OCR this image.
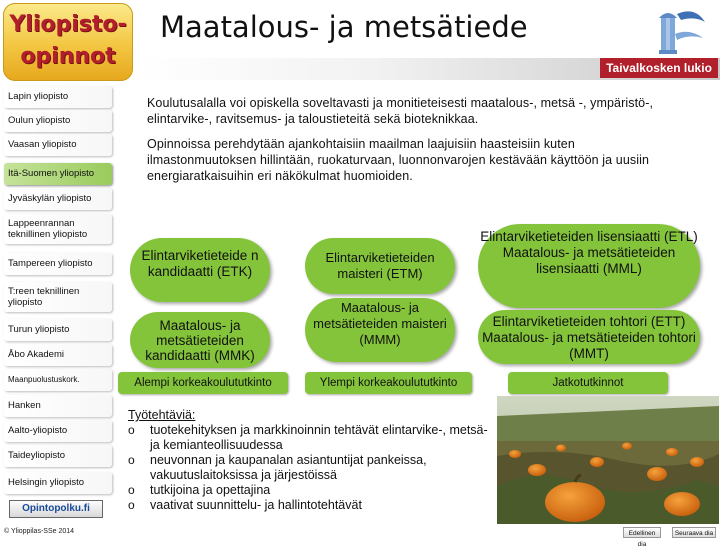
Yliopisto-
opinnot
Maatalous- ja metsätiede
Taivalkosken lukio
Lapin yliopisto
Oulun yliopisto
Vaasan yliopisto
Itä-Suomen yliopisto
Jyväskylän yliopisto
Lappeenrannan teknillinen yliopisto
Tampereen yliopisto
T:reen teknillinen yliopisto
Turun yliopisto
Åbo Akademi
Maanpuolustuskork.
Hanken
Aalto-yliopisto
Taideyliopisto
Helsingin yliopisto
Opintopolku.fi
© Ylioppilas-SSe 2014
Koulutusalalla voi opiskella soveltavasti ja monitieteisesti maatalous-, metsä -, ympäristö-, elintarvike-, ravitsemus- ja taloustieteitä sekä bioteknikkaa.
Opinnoissa perehdytään ajankohtaisiin maailman laajuisiin haasteisiin kuten ilmastonmuutoksen hillintään, ruokaturvaan, luonnonvarojen kestävään käyttöön ja uusiin energiaratkaisuihin eri näkökulmat huomioiden.
Elintarviketieteide n kandidaatti (ETK)
Maatalous- ja metsätieteiden kandidaatti (MMK)
Elintarviketieteiden maisteri (ETM)
Maatalous- ja metsätieteiden maisteri (MMM)
Elintarviketieteiden lisensiaatti (ETL) Maatalous- ja metsätieteiden lisensiaatti (MML)
Elintarviketieteiden tohtori (ETT) Maatalous- ja metsätieteiden tohtori (MMT)
Alempi korkeakoulututkinto	Ylempi korkeakoulututkinto	Jatkotutkinnot
Työtehtäviä:
o tuotekehityksen ja markkinoinnin tehtävät elintarvike-, metsä- ja kemianteollisuudessa
o neuvonnan ja kaupanalan asiantuntijat pankeissa, vakuutuslaitoksissa ja järjestöissä
o tutkijoina ja opettajina
o vaativat suunnittelu- ja hallintotehtävät
Edellinen dia
Seuraava dia
